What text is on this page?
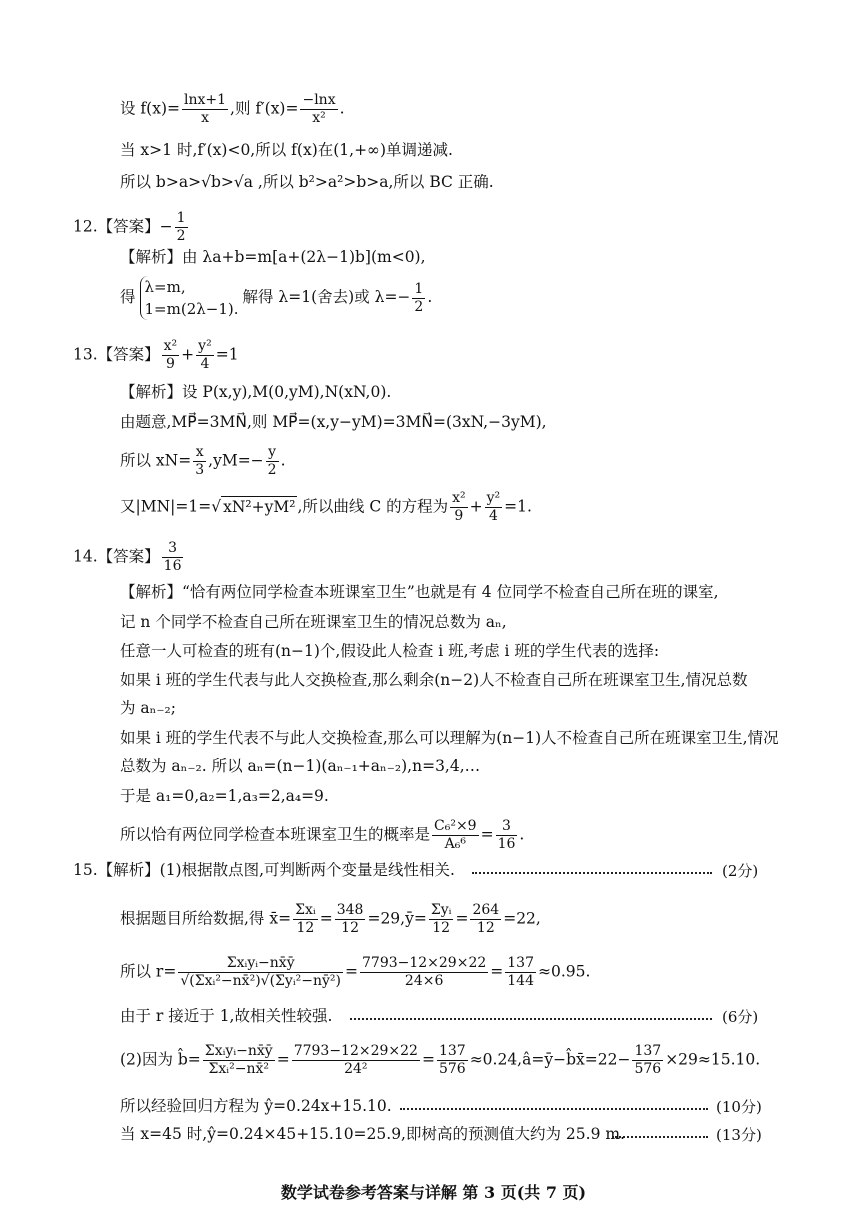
设 $f(x)= \frac{\ln x+1}{x}$ ,则 $f'(x)= \frac{-\ln x}{\text{x²}}$ .
当 x>1 时,f′(x)<0,所以 f(x)在(1,+∞)单调递减.
所以 b>a>√b>√a ,所以 b²>a²>b>a,所以 BC 正确.
12.【答案】− $\frac{1}{2}$
【解析】由 λa+b=m[a+(2λ−1)b](m<0),
得
λ=m,
1=m(2λ−1).
解得 λ=1(舍去)或 $\lambda=- \frac{1}{2}$ .
13.【答案】 $\frac{\text{x²}}{9} + \frac{\text{y²}}{4} =1$
【解析】设 P(x,y),M(0,yM),N(xN,0).
由题意,MP⃗=3MN⃗,则 MP⃗=(x,y−yM)=3MN⃗=(3xN,−3yM),
所以 $xN= \frac{x}{3} ,yM=- \frac{y}{2}$ .
又|MN|=1=√ xN²+yM² ,所以曲线 C 的方程为 $\frac{\text{x²}}{9} + \frac{\text{y²}}{4} =1$.
14.【答案】 $\frac{3}{16}$
【解析】“恰有两位同学检查本班课室卫生”也就是有 4 位同学不检查自己所在班的课室,
记 n 个同学不检查自己所在班课室卫生的情况总数为 aₙ,
任意一人可检查的班有(n−1)个,假设此人检查 i 班,考虑 i 班的学生代表的选择:
如果 i 班的学生代表与此人交换检查,那么剩余(n−2)人不检查自己所在班课室卫生,情况总数
为 aₙ₋₂;
如果 i 班的学生代表不与此人交换检查,那么可以理解为(n−1)人不检查自己所在班课室卫生,情况
总数为 aₙ₋₂. 所以 aₙ=(n−1)(aₙ₋₁+aₙ₋₂),n=3,4,…
于是 a₁=0,a₂=1,a₃=2,a₄=9.
所以恰有两位同学检查本班课室卫生的概率是 $\frac{\text{C₆²×9}}{\text{A₆⁶}} = \frac{3}{16}$ .
15.【解析】(1)根据散点图,可判断两个变量是线性相关.	(2分)
根据题目所给数据,得 x̄= $\frac{\text{Σxᵢ}}{12} = \frac{348}{12}$ =29,ȳ= $\frac{\text{Σyᵢ}}{12} = \frac{264}{12} =22$,
所以 $r= \frac{\text{Σxᵢyᵢ−nx̄ȳ}}{\text{√(Σxᵢ²−nx̄²)√(Σyᵢ²−nȳ²)}} = \frac{7793-12\times 29\times 22}{24\times 6} = \frac{137}{144} \approx 0.95$.
由于 r 接近于 1,故相关性较强.	(6分)
(2)因为 b̂= $\frac{\text{Σxᵢyᵢ−nx̄ȳ}}{\text{Σxᵢ²−nx̄²}} = \frac{7793-12\times 29\times 22}{\text{24²}} = \frac{137}{576}$ ≈0.24,â=ȳ−b̂x̄=22− $\frac{137}{576} \times 29\approx 15.10$.
所以经验回归方程为 ŷ=0.24x+15.10.	(10分)
当 x=45 时,ŷ=0.24×45+15.10=25.9,即树高的预测值大约为 25.9 m.	(13分)
数学试卷参考答案与详解 第 3 页(共 7 页)
